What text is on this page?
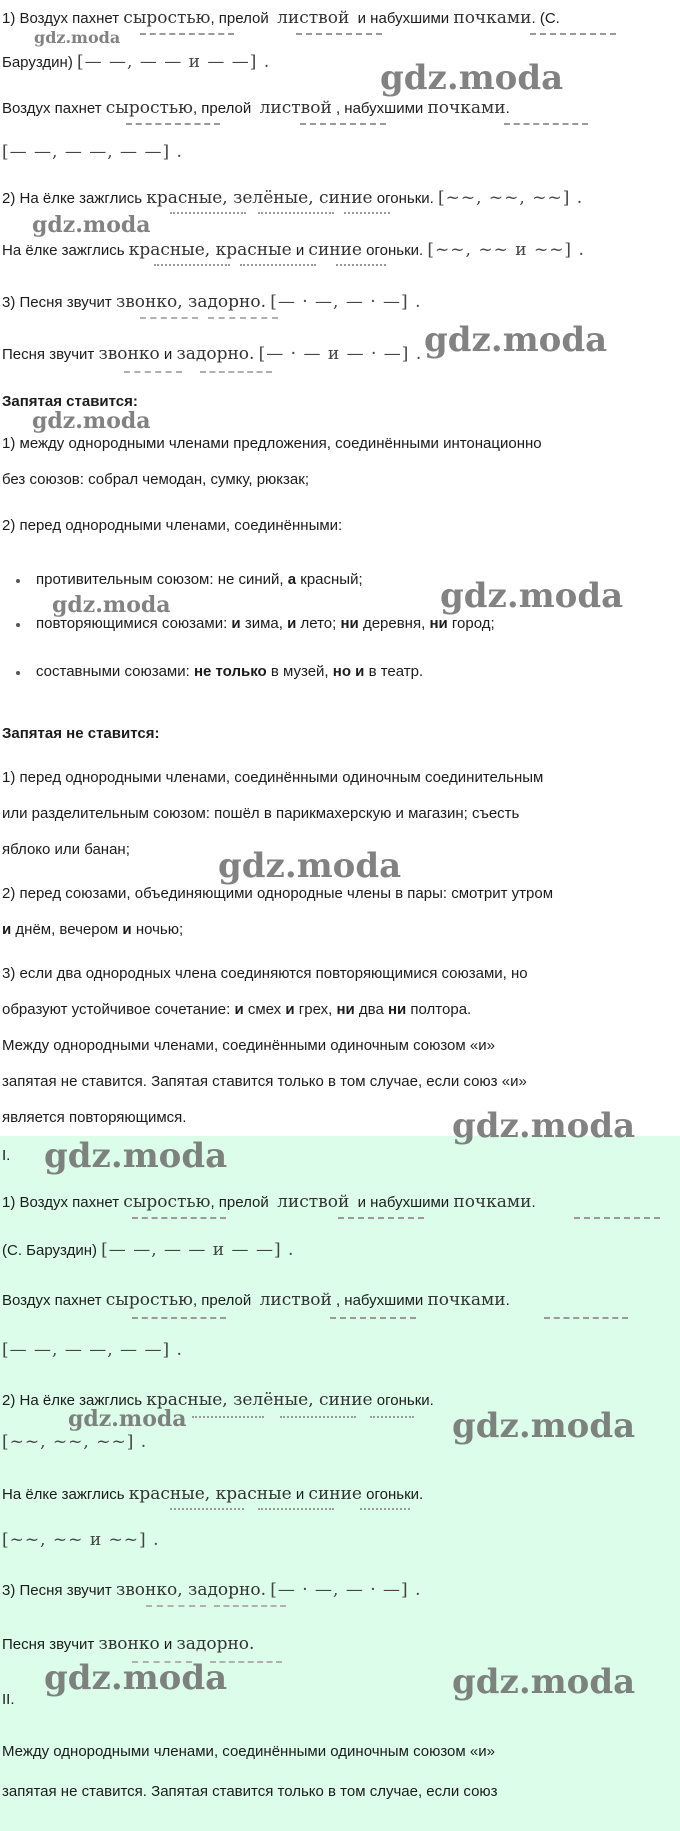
gdz.moda
gdz.moda
gdz.moda
gdz.moda
gdz.moda
gdz.moda
gdz.moda
gdz.moda
gdz.moda
gdz.moda
gdz.moda	gdz.moda
gdz.moda	gdz.moda
1) Воздух пахнет сыростью, прелой листвой и набухшими почками. (С.
Баруздин) [— —, — — и — —] .
Воздух пахнет сыростью, прелой листвой , набухшими почками.
[— —, — —, — —] .
2) На ёлке зажглись красные, зелёные, синие огоньки. [~~, ~~, ~~] .
На ёлке зажглись красные, красные и синие огоньки. [~~, ~~ и ~~] .
3) Песня звучит звонко, задорно. [— · —, — · —] .
Песня звучит звонко и задорно. [— · — и — · —] .
Запятая ставится:
1) между однородными членами предложения, соединёнными интонационно
без союзов: собрал чемодан, сумку, рюкзак;
2) перед однородными членами, соединёнными:
противительным союзом: не синий, а красный;
повторяющимися союзами: и зима, и лето; ни деревня, ни город;
составными союзами: не только в музей, но и в театр.
Запятая не ставится:
1) перед однородными членами, соединёнными одиночным соединительным
или разделительным союзом: пошёл в парикмахерскую и магазин; съесть
яблоко или банан;
2) перед союзами, объединяющими однородные члены в пары: смотрит утром
и днём, вечером и ночью;
3) если два однородных члена соединяются повторяющимися союзами, но
образуют устойчивое сочетание: и смех и грех, ни два ни полтора.
Между однородными членами, соединёнными одиночным союзом «и»
запятая не ставится. Запятая ставится только в том случае, если союз «и»
является повторяющимся.
I.
1) Воздух пахнет сыростью, прелой листвой и набухшими почками.
(С. Баруздин) [— —, — — и — —] .
Воздух пахнет сыростью, прелой листвой , набухшими почками.
[— —, — —, — —] .
2) На ёлке зажглись красные, зелёные, синие огоньки.
[~~, ~~, ~~] .
На ёлке зажглись красные, красные и синие огоньки.
[~~, ~~ и ~~] .
3) Песня звучит звонко, задорно. [— · —, — · —] .
Песня звучит звонко и задорно.
II.
Между однородными членами, соединёнными одиночным союзом «и»
запятая не ставится. Запятая ставится только в том случае, если союз
